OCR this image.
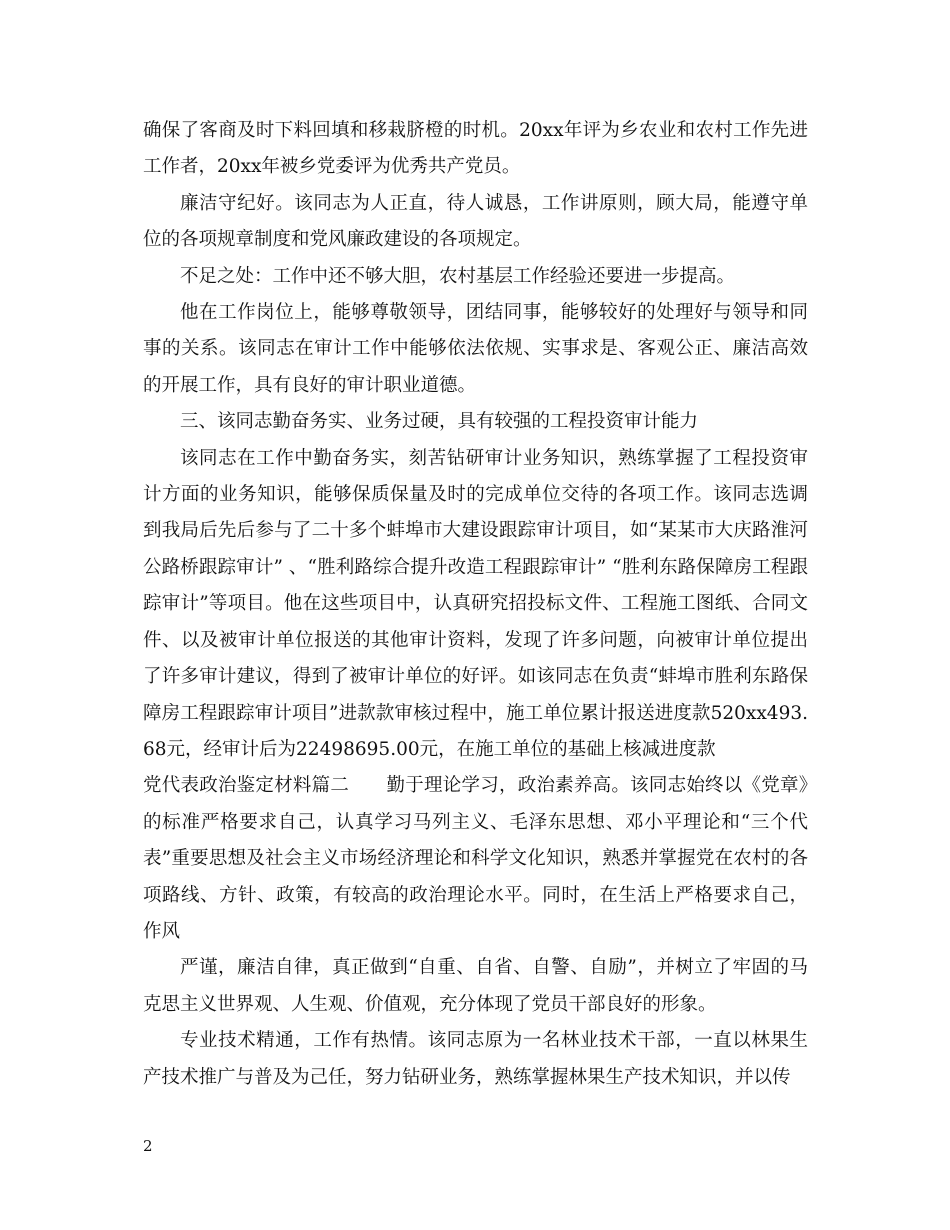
确保了客商及时下料回填和移栽脐橙的时机。20xx年评为乡农业和农村工作先进工作者，20xx年被乡党委评为优秀共产党员。

廉洁守纪好。该同志为人正直，待人诚恳，工作讲原则，顾大局，能遵守单位的各项规章制度和党风廉政建设的各项规定。

不足之处：工作中还不够大胆，农村基层工作经验还要进一步提高。

他在工作岗位上，能够尊敬领导，团结同事，能够较好的处理好与领导和同事的关系。该同志在审计工作中能够依法依规、实事求是、客观公正、廉洁高效的开展工作，具有良好的审计职业道德。

三、该同志勤奋务实、业务过硬，具有较强的工程投资审计能力

该同志在工作中勤奋务实，刻苦钻研审计业务知识，熟练掌握了工程投资审计方面的业务知识，能够保质保量及时的完成单位交待的各项工作。该同志选调到我局后先后参与了二十多个蚌埠市大建设跟踪审计项目，如“某某市大庆路淮河公路桥跟踪审计” 、“胜利路综合提升改造工程跟踪审计” “胜利东路保障房工程跟踪审计”等项目。他在这些项目中，认真研究招投标文件、工程施工图纸、合同文件、以及被审计单位报送的其他审计资料，发现了许多问题，向被审计单位提出了许多审计建议，得到了被审计单位的好评。如该同志在负责“蚌埠市胜利东路保障房工程跟踪审计项目”进款款审核过程中，施工单位累计报送进度款520xx493.68元，经审计后为22498695.00元，在施工单位的基础上核减进度款

党代表政治鉴定材料篇二　　勤于理论学习，政治素养高。该同志始终以《党章》的标准严格要求自己，认真学习马列主义、毛泽东思想、邓小平理论和“三个代表”重要思想及社会主义市场经济理论和科学文化知识，熟悉并掌握党在农村的各项路线、方针、政策，有较高的政治理论水平。同时，在生活上严格要求自己，作风

严谨，廉洁自律，真正做到“自重、自省、自警、自励”，并树立了牢固的马克思主义世界观、人生观、价值观，充分体现了党员干部良好的形象。

专业技术精通，工作有热情。该同志原为一名林业技术干部，一直以林果生产技术推广与普及为己任，努力钻研业务，熟练掌握林果生产技术知识，并以传

2
